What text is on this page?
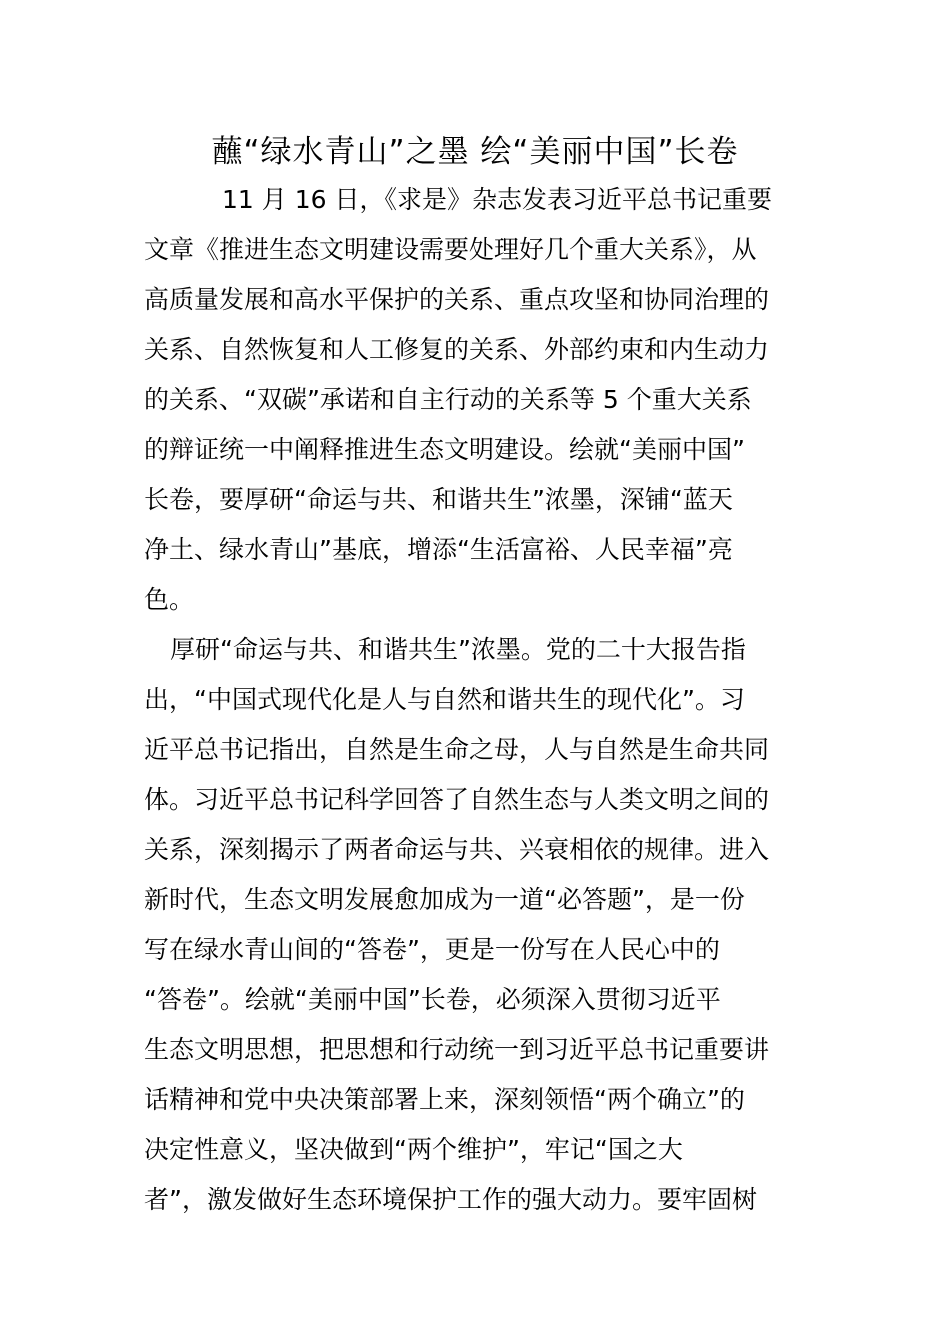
蘸“绿水青山”之墨 绘“美丽中国”长卷

11 月 16 日，《求是》杂志发表习近平总书记重要

文章《推进生态文明建设需要处理好几个重大关系》，从

高质量发展和高水平保护的关系、重点攻坚和协同治理的

关系、自然恢复和人工修复的关系、外部约束和内生动力

的关系、“双碳”承诺和自主行动的关系等 5 个重大关系

的辩证统一中阐释推进生态文明建设。绘就“美丽中国”

长卷，要厚研“命运与共、和谐共生”浓墨，深铺“蓝天

净土、绿水青山”基底，增添“生活富裕、人民幸福”亮

色。

厚研“命运与共、和谐共生”浓墨。党的二十大报告指

出，“中国式现代化是人与自然和谐共生的现代化”。习

近平总书记指出，自然是生命之母，人与自然是生命共同

体。习近平总书记科学回答了自然生态与人类文明之间的

关系，深刻揭示了两者命运与共、兴衰相依的规律。进入

新时代，生态文明发展愈加成为一道“必答题”，是一份

写在绿水青山间的“答卷”，更是一份写在人民心中的

“答卷”。绘就“美丽中国”长卷，必须深入贯彻习近平

生态文明思想，把思想和行动统一到习近平总书记重要讲

话精神和党中央决策部署上来，深刻领悟“两个确立”的

决定性意义，坚决做到“两个维护”，牢记“国之大

者”，激发做好生态环境保护工作的强大动力。要牢固树
